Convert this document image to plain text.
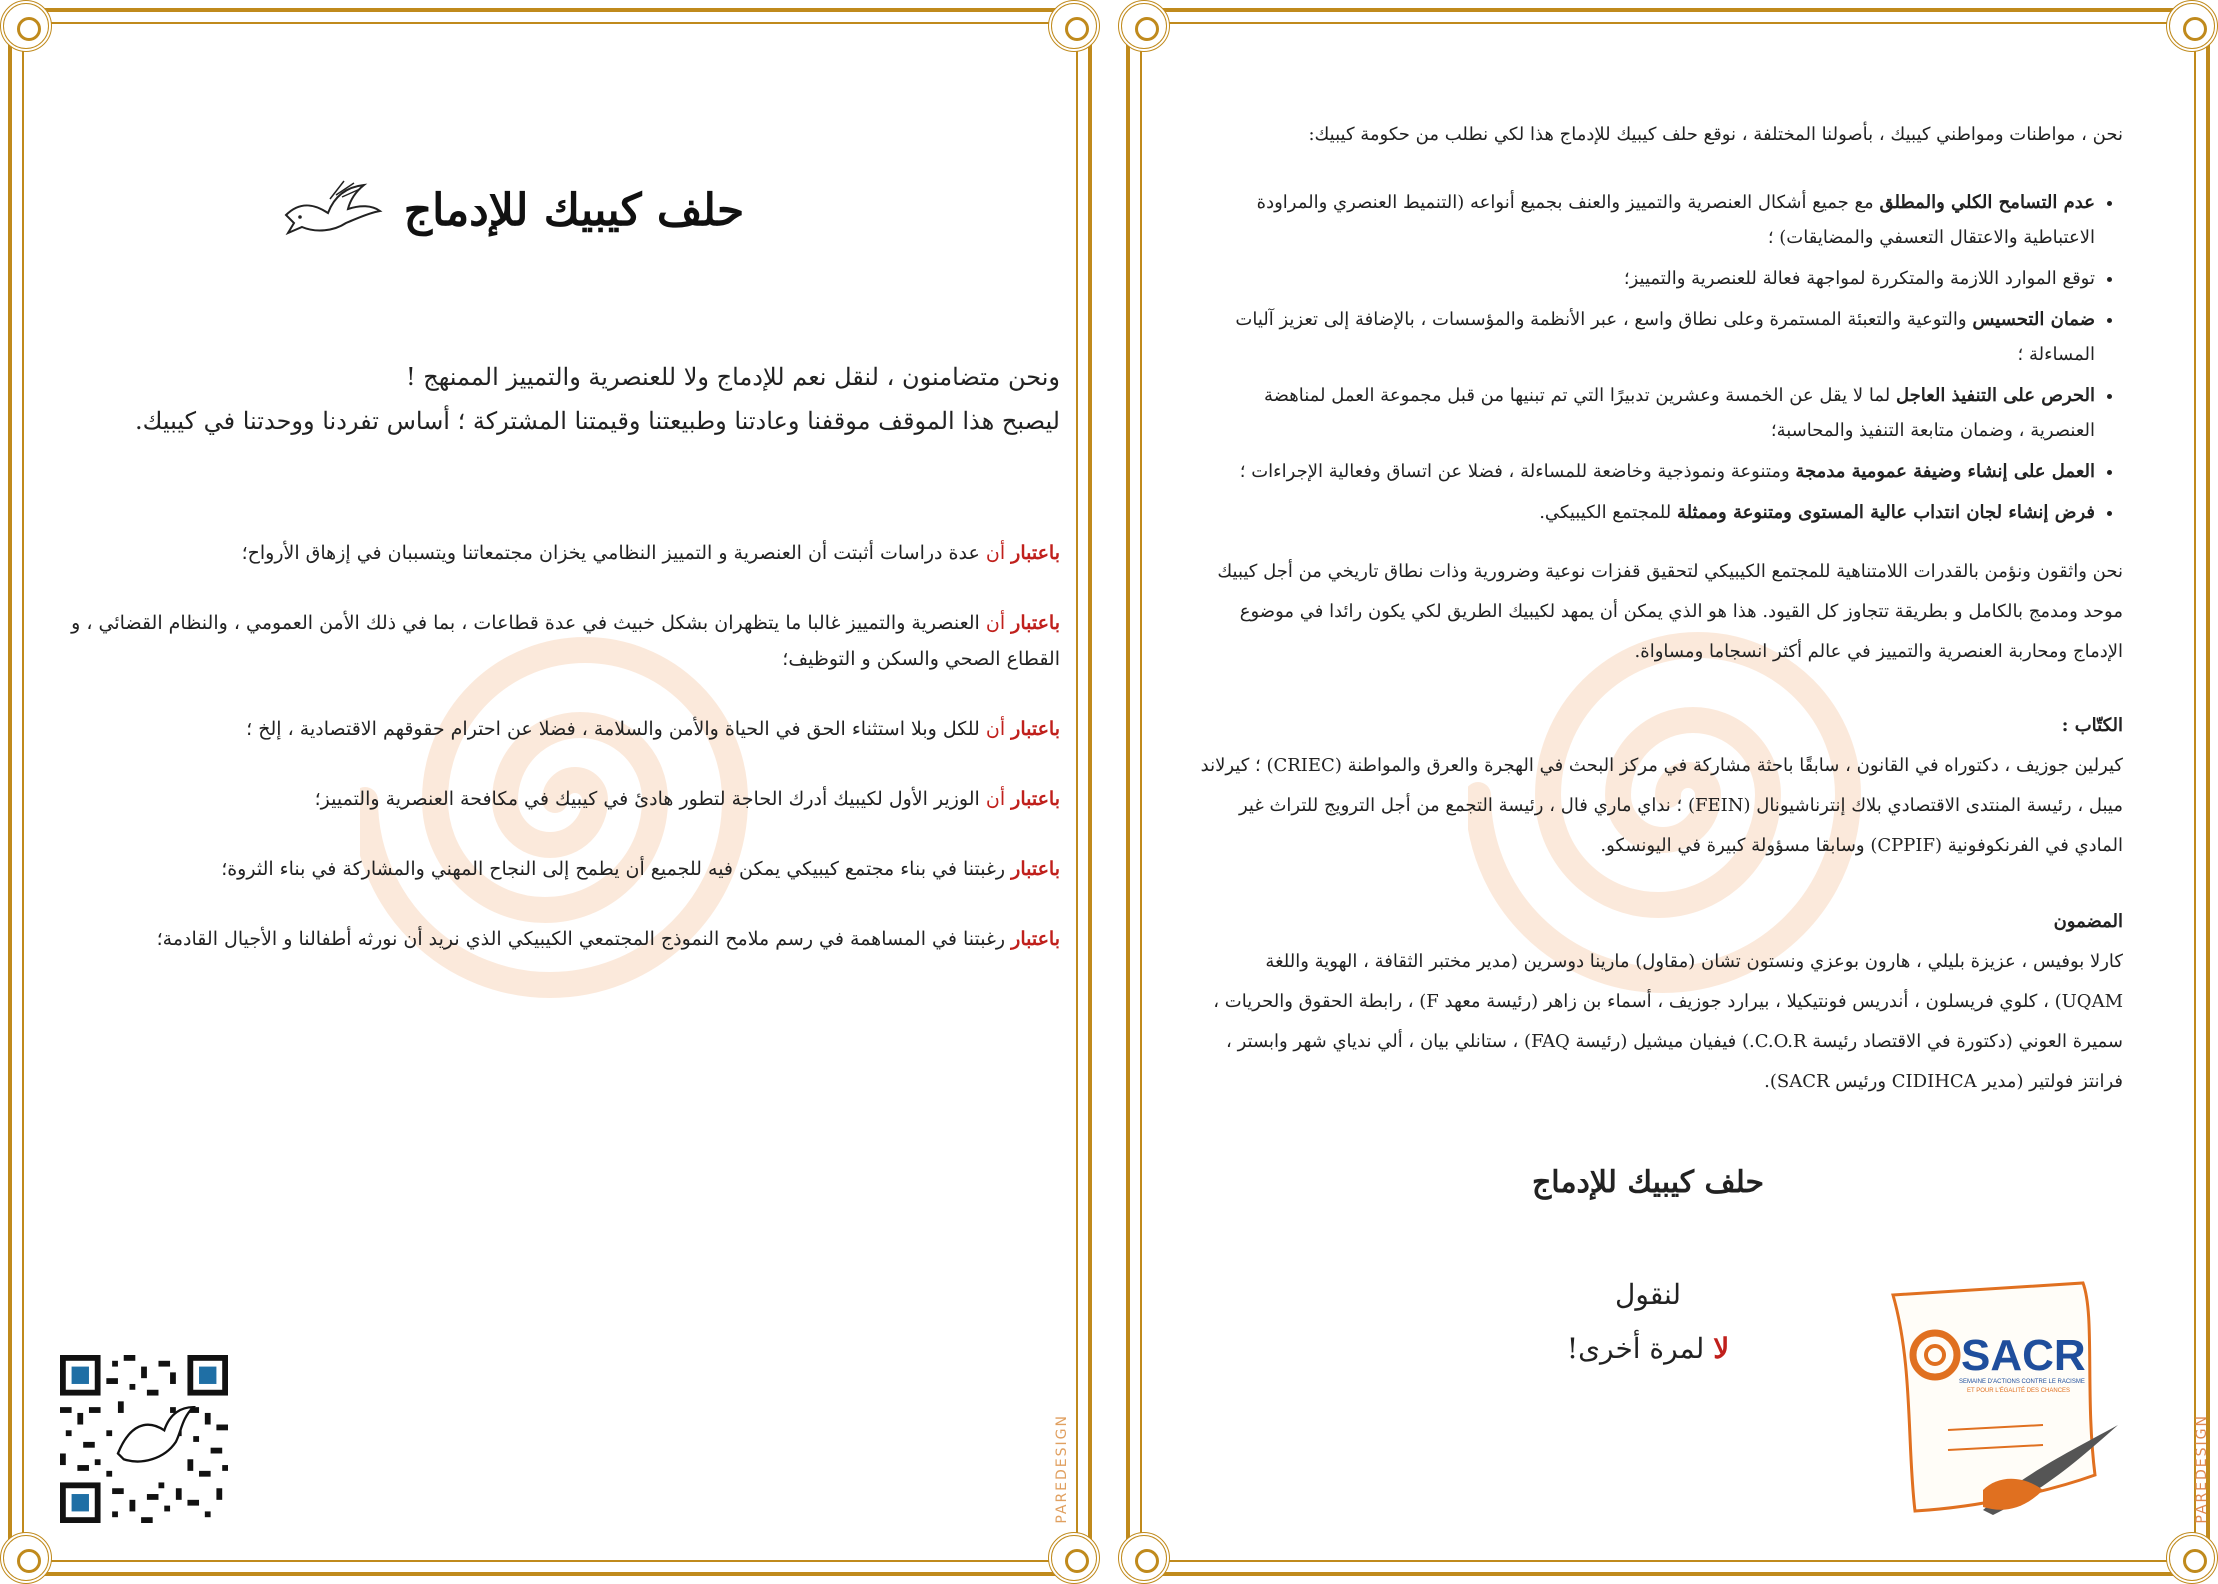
حلف كيبيك للإدماج
ونحن متضامنون ، لنقل نعم للإدماج ولا للعنصرية والتمييز الممنهج !
ليصبح هذا الموقف موقفنا وعادتنا وطبيعتنا وقيمتنا المشتركة ؛ أساس تفردنا ووحدتنا في كيبيك.

باعتبار أن عدة دراسات أثبتت أن العنصرية و التمييز النظامي يخزان مجتمعاتنا ويتسببان في إزهاق الأرواح؛

باعتبار أن العنصرية والتمييز غالبا ما يتظهران بشكل خبيث في عدة قطاعات ، بما في ذلك الأمن العمومي ، والنظام القضائي ، و القطاع الصحي والسكن و التوظيف؛

باعتبار أن للكل وبلا استثناء الحق في الحياة والأمن والسلامة ، فضلا عن احترام حقوقهم الاقتصادية ، إلخ ؛

باعتبار أن الوزير الأول لكيبيك أدرك الحاجة لتطور هادئ في كيبيك في مكافحة العنصرية والتمييز؛

باعتبار رغبتنا في بناء مجتمع كيبيكي يمكن فيه للجميع أن يطمح إلى النجاح المهني والمشاركة في بناء الثروة؛

باعتبار رغبتنا في المساهمة في رسم ملامح النموذج المجتمعي الكيبيكي الذي نريد أن نورثه أطفالنا و الأجيال القادمة؛

PAREDESIGN
نحن ، مواطنات ومواطني كيبيك ، بأصولنا المختلفة ، نوقع حلف كيبيك للإدماج هذا لكي نطلب من حكومة كيبيك:
• عدم التسامح الكلي والمطلق مع جميع أشكال العنصرية والتمييز والعنف بجميع أنواعه (التنميط العنصري والمراودة الاعتباطية والاعتقال التعسفي والمضايقات) ؛
• توقع الموارد اللازمة والمتكررة لمواجهة فعالة للعنصرية والتمييز؛
• ضمان التحسيس والتوعية والتعبئة المستمرة وعلى نطاق واسع ، عبر الأنظمة والمؤسسات ، بالإضافة إلى تعزيز آليات المساءلة ؛
• الحرص على التنفيذ العاجل لما لا يقل عن الخمسة وعشرين تدبيرًا التي تم تبنيها من قبل مجموعة العمل لمناهضة العنصرية ، وضمان متابعة التنفيذ والمحاسبة؛
• العمل على إنشاء وضيفة عمومية مدمجة ومتنوعة ونموذجية وخاضعة للمساءلة ، فضلا عن اتساق وفعالية الإجراءات ؛
• فرض إنشاء لجان انتداب عالية المستوى ومتنوعة وممثلة للمجتمع الكيبيكي.
نحن واثقون ونؤمن بالقدرات اللامتناهية للمجتمع الكيبيكي لتحقيق قفزات نوعية وضرورية وذات نطاق تاريخي من أجل كيبيك موحد ومدمج بالكامل و بطريقة تتجاوز كل القيود. هذا هو الذي يمكن أن يمهد لكيبيك الطريق لكي يكون رائدا في موضوع الإدماج ومحاربة العنصرية والتمييز في عالم أكثر انسجاما ومساواة.
الكتّاب :
كيرلين جوزيف ، دكتوراه في القانون ، سابقًا باحثة مشاركة في مركز البحث في الهجرة والعرق والمواطنة (CRIEC) ؛ كيرلاند ميبل ، رئيسة المنتدى الاقتصادي بلاك إنترناشيونال (FEIN) ؛ نداي ماري فال ، رئيسة التجمع من أجل الترويج للتراث غير المادي في الفرنكوفونية (CPPIF) وسابقا مسؤولة كبيرة في اليونسكو.
المضمون
كارلا بوفيس ، عزيزة بليلي ، هارون بوعزي ونستون تشان (مقاول) مارينا دوسرين (مدير مختبر الثقافة ، الهوية واللغة UQAM) ، كلوي فريسلون ، أندريس فونتيكيلا ، بيرارد جوزيف ، أسماء بن زاهر (رئيسة معهد F) ، رابطة الحقوق والحريات ، سميرة العوني (دكتورة في الاقتصاد رئيسة C.O.R.) فيفيان ميشيل (رئيسة FAQ) ، ستانلي بيان ، ألي ندياي شهر وابستر ، فرانتز فولتير (مدير CIDIHCA ورئيس SACR).
حلف كيبيك للإدماج
لنقول
لا لمرة أخرى!	SACR
SEMAINE D'ACTIONS CONTRE LE RACISME
ET POUR L'ÉGALITÉ DES CHANCES
PAREDESIGN
